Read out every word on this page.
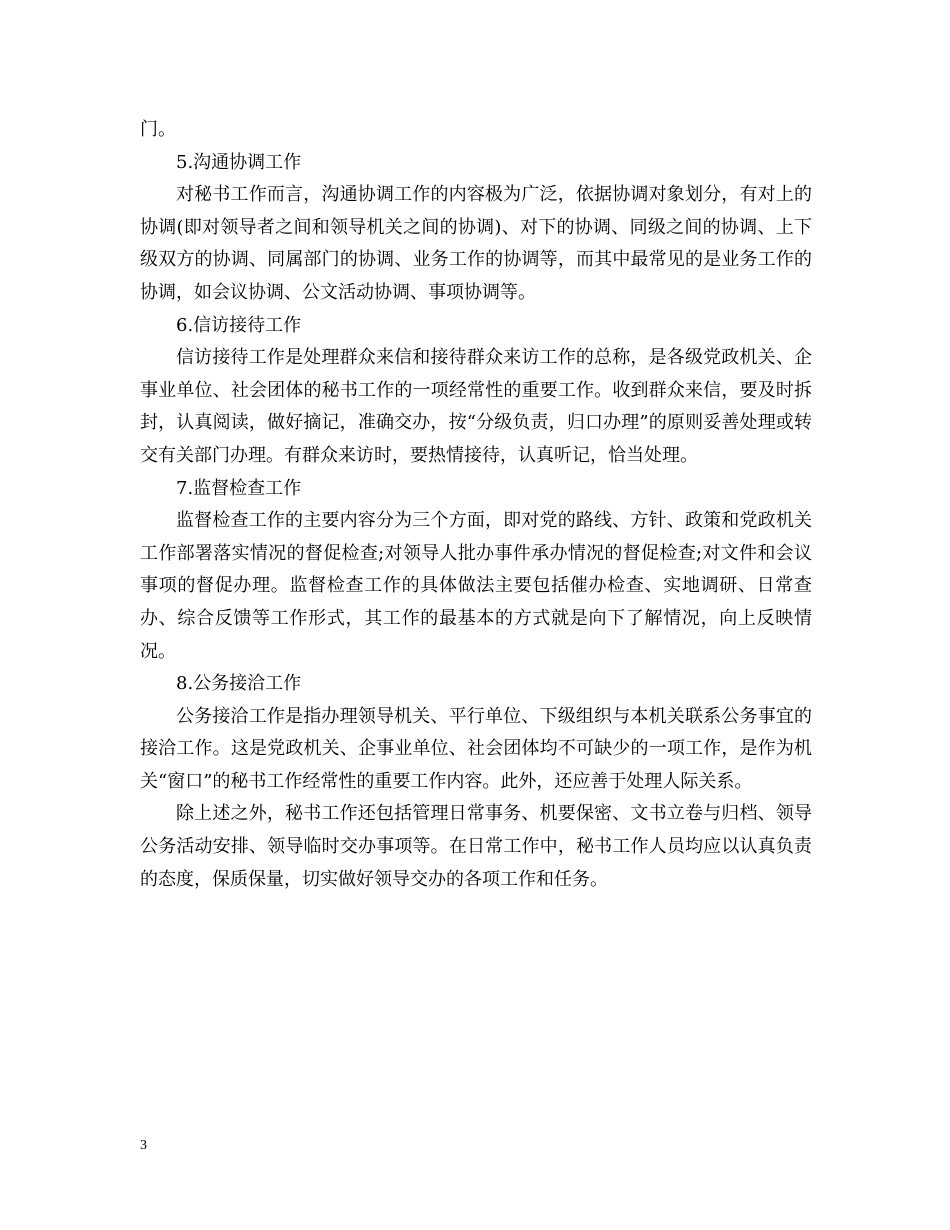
门。

5.沟通协调工作

对秘书工作而言，沟通协调工作的内容极为广泛，依据协调对象划分，有对上的协调(即对领导者之间和领导机关之间的协调)、对下的协调、同级之间的协调、上下级双方的协调、同属部门的协调、业务工作的协调等，而其中最常见的是业务工作的协调，如会议协调、公文活动协调、事项协调等。

6.信访接待工作

信访接待工作是处理群众来信和接待群众来访工作的总称，是各级党政机关、企事业单位、社会团体的秘书工作的一项经常性的重要工作。收到群众来信，要及时拆封，认真阅读，做好摘记，准确交办，按“分级负责，归口办理”的原则妥善处理或转交有关部门办理。有群众来访时，要热情接待，认真听记，恰当处理。

7.监督检查工作

监督检查工作的主要内容分为三个方面，即对党的路线、方针、政策和党政机关工作部署落实情况的督促检查;对领导人批办事件承办情况的督促检查;对文件和会议事项的督促办理。监督检查工作的具体做法主要包括催办检查、实地调研、日常查办、综合反馈等工作形式，其工作的最基本的方式就是向下了解情况，向上反映情况。

8.公务接洽工作

公务接洽工作是指办理领导机关、平行单位、下级组织与本机关联系公务事宜的接洽工作。这是党政机关、企事业单位、社会团体均不可缺少的一项工作，是作为机关“窗口”的秘书工作经常性的重要工作内容。此外，还应善于处理人际关系。

除上述之外，秘书工作还包括管理日常事务、机要保密、文书立卷与归档、领导公务活动安排、领导临时交办事项等。在日常工作中，秘书工作人员均应以认真负责的态度，保质保量，切实做好领导交办的各项工作和任务。

3
